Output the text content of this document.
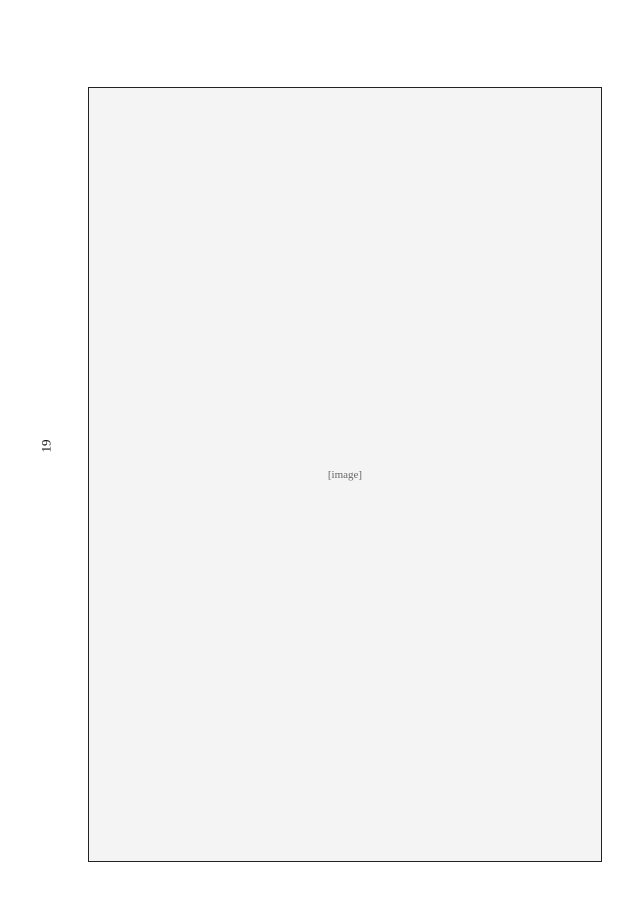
19
[image]
